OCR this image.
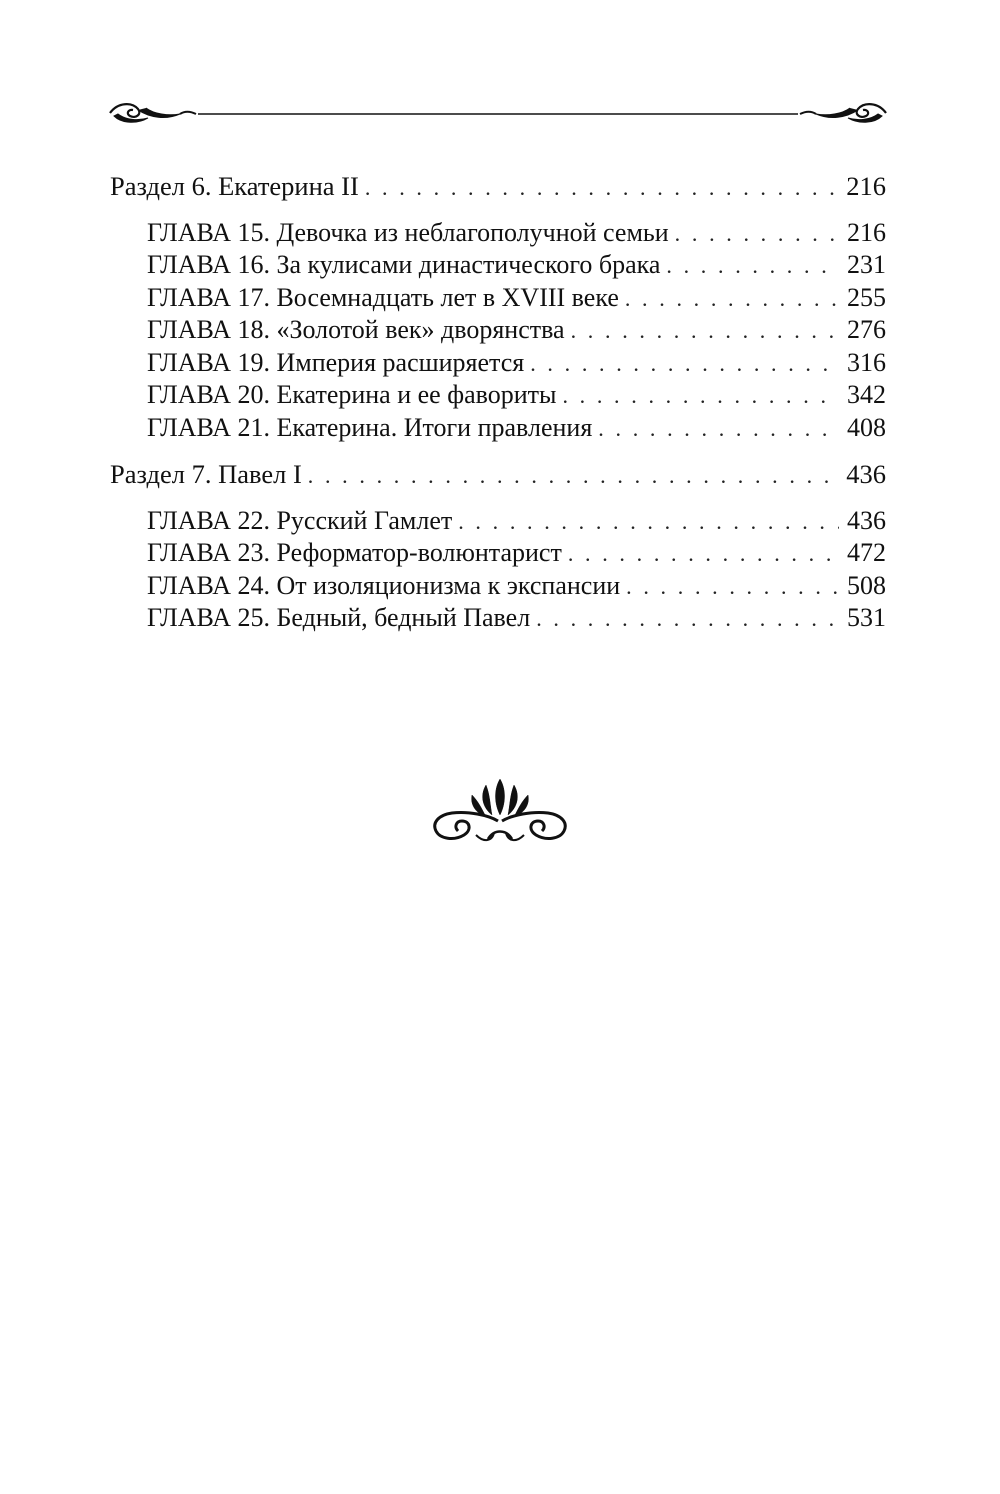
Раздел 6. Екатерина II . . .	216
ГЛАВА 15. Девочка из неблагополучной семьи . . .	216
ГЛАВА 16. За кулисами династического брака . . .	231
ГЛАВА 17. Восемнадцать лет в XVIII веке . . .	255
ГЛАВА 18. «Золотой век» дворянства . . .	276
ГЛАВА 19. Империя расширяется . . .	316
ГЛАВА 20. Екатерина и ее фавориты . . .	342
ГЛАВА 21. Екатерина. Итоги правления . . .	408
Раздел 7. Павел I . . .	436
ГЛАВА 22. Русский Гамлет . . .	436
ГЛАВА 23. Реформатор-волюнтарист . . .	472
ГЛАВА 24. От изоляционизма к экспансии . . .	508
ГЛАВА 25. Бедный, бедный Павел . . .	531
